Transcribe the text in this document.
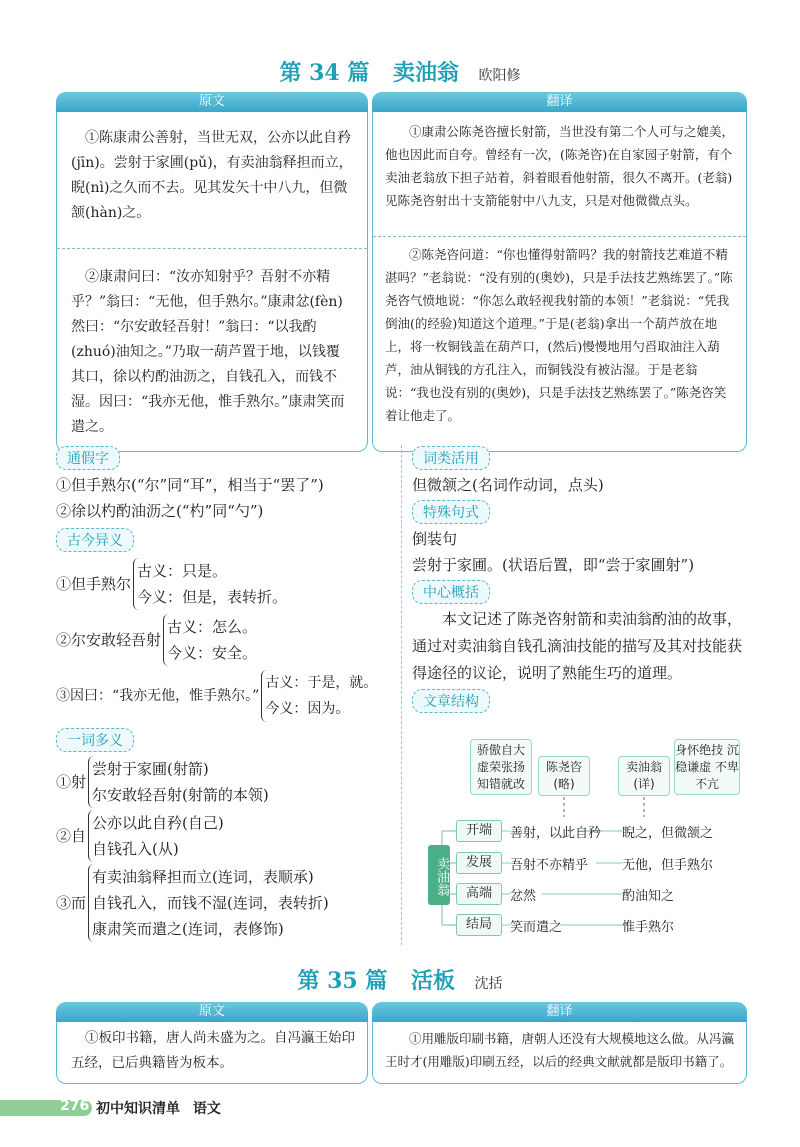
第 34 篇 卖油翁 欧阳修
原文
①陈康肃公善射，当世无双，公亦以此自矜(jīn)。尝射于家圃(pǔ)，有卖油翁释担而立，睨(nì)之久而不去。见其发矢十中八九，但微颔(hàn)之。
②康肃问曰：“汝亦知射乎？吾射不亦精乎？”翁曰：“无他，但手熟尔。”康肃忿(fèn)然曰：“尔安敢轻吾射！”翁曰：“以我酌(zhuó)油知之。”乃取一葫芦置于地，以钱覆其口，徐以杓酌油沥之，自钱孔入，而钱不湿。因曰：“我亦无他，惟手熟尔。”康肃笑而遣之。
翻译
①康肃公陈尧咨擅长射箭，当世没有第二个人可与之媲美，他也因此而自夸。曾经有一次，(陈尧咨)在自家园子射箭，有个卖油老翁放下担子站着，斜着眼看他射箭，很久不离开。(老翁)见陈尧咨射出十支箭能射中八九支，只是对他微微点头。
②陈尧咨问道：“你也懂得射箭吗？我的射箭技艺难道不精湛吗？”老翁说：“没有别的(奥妙)，只是手法技艺熟练罢了。”陈尧咨气愤地说：“你怎么敢轻视我射箭的本领！”老翁说：“凭我倒油(的经验)知道这个道理。”于是(老翁)拿出一个葫芦放在地上，将一枚铜钱盖在葫芦口，(然后)慢慢地用勺舀取油注入葫芦，油从铜钱的方孔注入，而铜钱没有被沾湿。于是老翁说：“我也没有别的(奥妙)，只是手法技艺熟练罢了。”陈尧咨笑着让他走了。
通假字
①但手熟尔(“尔”同“耳”，相当于“罢了”)
②徐以杓酌油沥之(“杓”同“勺”)
古今异义
①但手熟尔
古义：只是。
今义：但是，表转折。
②尔安敢轻吾射
古义：怎么。
今义：安全。
③因曰：“我亦无他，惟手熟尔。”
古义：于是，就。
今义：因为。
一词多义
①射
尝射于家圃(射箭)
尔安敢轻吾射(射箭的本领)
②自
公亦以此自矜(自己)
自钱孔入(从)
③而
有卖油翁释担而立(连词，表顺承)
自钱孔入，而钱不湿(连词，表转折)
康肃笑而遣之(连词，表修饰)
词类活用
但微颔之(名词作动词，点头)
特殊句式
倒装句
尝射于家圃。(状语后置，即“尝于家圃射”)
中心概括
本文记述了陈尧咨射箭和卖油翁酌油的故事，通过对卖油翁自钱孔滴油技能的描写及其对技能获得途径的议论，说明了熟能生巧的道理。
文章结构
骄傲自大 虚荣张扬 知错就改
陈尧咨 (略)
卖油翁 (详)
身怀绝技 沉稳谦虚 不卑不亢
卖油翁
开端
发展
高端
结局
善射，以此自矜 睨之，但微颔之
吾射不亦精乎	无他，但手熟尔
忿然	酌油知之
笑而遣之	惟手熟尔
第 35 篇 活板 沈括
原文
①板印书籍，唐人尚未盛为之。自冯瀛王始印五经，已后典籍皆为板本。
翻译
①用雕版印刷书籍，唐朝人还没有大规模地这么做。从冯瀛王时才(用雕版)印刷五经，以后的经典文献就都是版印书籍了。
276 初中知识清单 语文
